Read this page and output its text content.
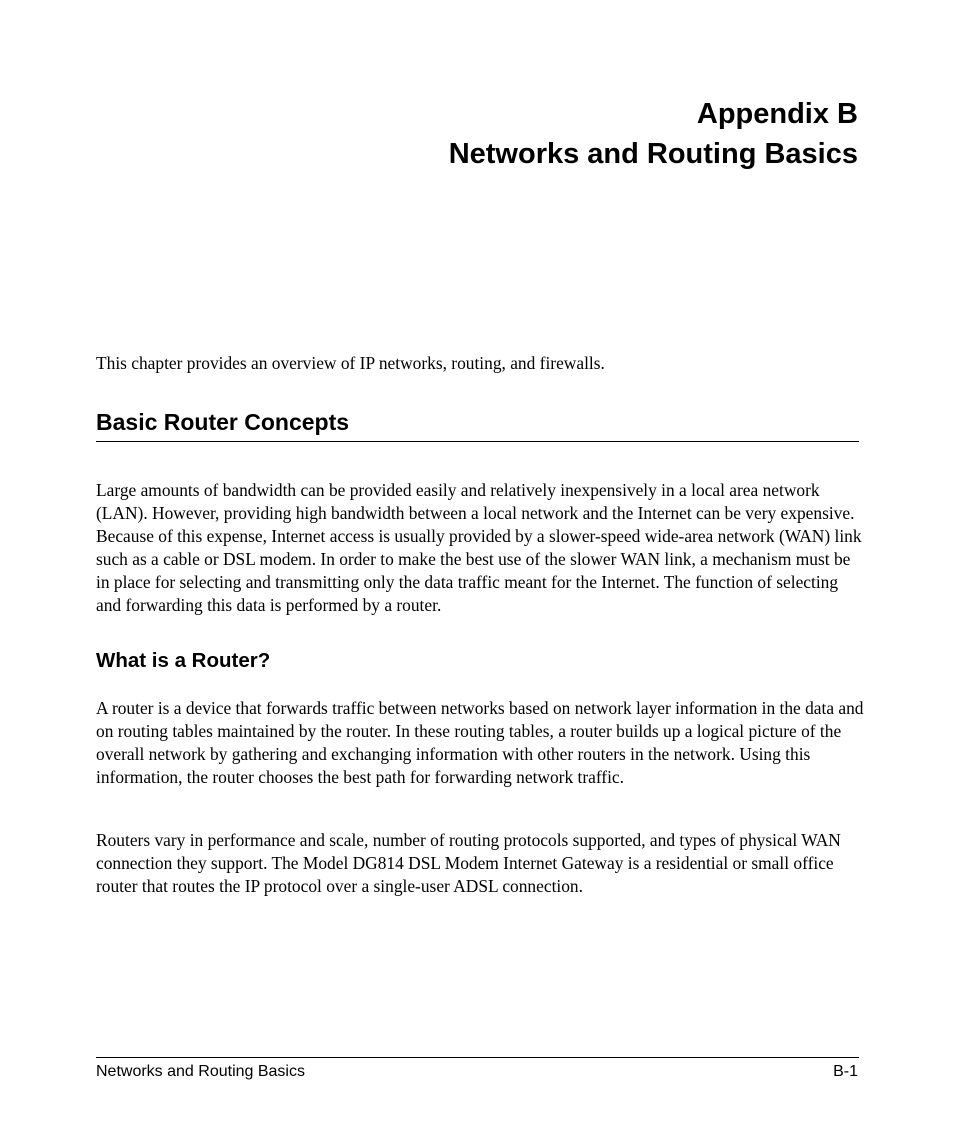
Appendix B
Networks and Routing Basics

This chapter provides an overview of IP networks, routing, and firewalls.

Basic Router Concepts

Large amounts of bandwidth can be provided easily and relatively inexpensively in a local area network (LAN). However, providing high bandwidth between a local network and the Internet can be very expensive. Because of this expense, Internet access is usually provided by a slower-speed wide-area network (WAN) link such as a cable or DSL modem. In order to make the best use of the slower WAN link, a mechanism must be in place for selecting and transmitting only the data traffic meant for the Internet. The function of selecting and forwarding this data is performed by a router.

What is a Router?

A router is a device that forwards traffic between networks based on network layer information in the data and on routing tables maintained by the router. In these routing tables, a router builds up a logical picture of the overall network by gathering and exchanging information with other routers in the network. Using this information, the router chooses the best path for forwarding network traffic.

Routers vary in performance and scale, number of routing protocols supported, and types of physical WAN connection they support. The Model DG814 DSL Modem Internet Gateway is a residential or small office router that routes the IP protocol over a single-user ADSL connection.

Networks and Routing Basics	B-1
